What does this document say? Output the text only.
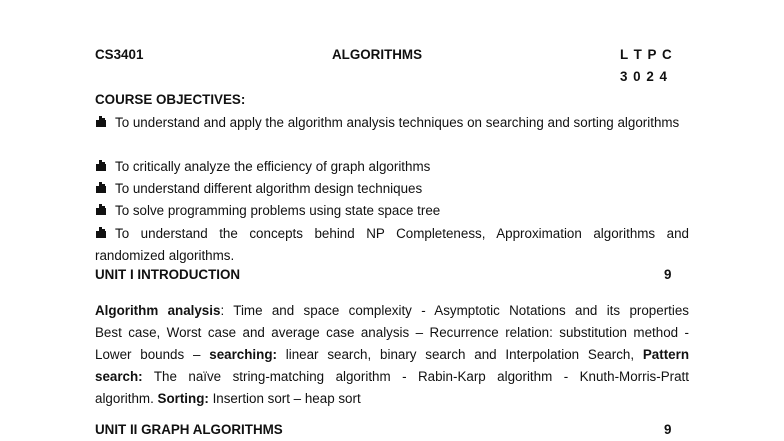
CS3401	ALGORITHMS	L T P C
3 0 2 4
COURSE OBJECTIVES:
To understand and apply the algorithm analysis techniques on searching and sorting algorithms
To critically analyze the efficiency of graph algorithms
To understand different algorithm design techniques
To solve programming problems using state space tree
To understand the concepts behind NP Completeness, Approximation algorithms and randomized algorithms.
UNIT I INTRODUCTION	9
Algorithm analysis: Time and space complexity - Asymptotic Notations and its properties
Best case, Worst case and average case analysis – Recurrence relation: substitution method -
Lower bounds – searching: linear search, binary search and Interpolation Search, Pattern
search: The naïve string-matching algorithm - Rabin-Karp algorithm - Knuth-Morris-Pratt
algorithm. Sorting: Insertion sort – heap sort
UNIT II GRAPH ALGORITHMS	9
